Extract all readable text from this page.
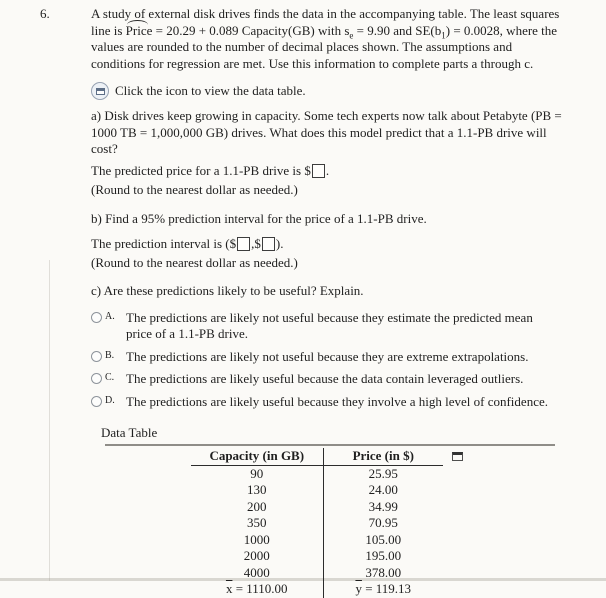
6.	A study of external disk drives finds the data in the accompanying table. The least squares line is Price = 20.29 + 0.089 Capacity(GB) with $s_e = 9.90$ and $SE(b_1) = 0.0028$, where the values are rounded to the number of decimal places shown. The assumptions and conditions for regression are met. Use this information to complete parts a through c.

Click the icon to view the data table.

a) Disk drives keep growing in capacity. Some tech experts now talk about Petabyte (PB = 1000 TB = 1,000,000 GB) drives. What does this model predict that a 1.1-PB drive will cost?

The predicted price for a 1.1-PB drive is $ .

(Round to the nearest dollar as needed.)

b) Find a 95% prediction interval for the price of a 1.1-PB drive.

The prediction interval is ($ ,$ ).

(Round to the nearest dollar as needed.)

c) Are these predictions likely to be useful? Explain.

A. The predictions are likely not useful because they estimate the predicted mean price of a 1.1-PB drive.
B. The predictions are likely not useful because they are extreme extrapolations.
C. The predictions are likely useful because the data contain leveraged outliers.
D. The predictions are likely useful because they involve a high level of confidence.

Data Table

Capacity (in GB)	Price (in $)

90	25.95
130	24.00
200	34.99
350	70.95
1000	105.00
2000	195.00
4000	378.00
$\overline{x} = 1110.00$	$\overline{y} = 119.13$
